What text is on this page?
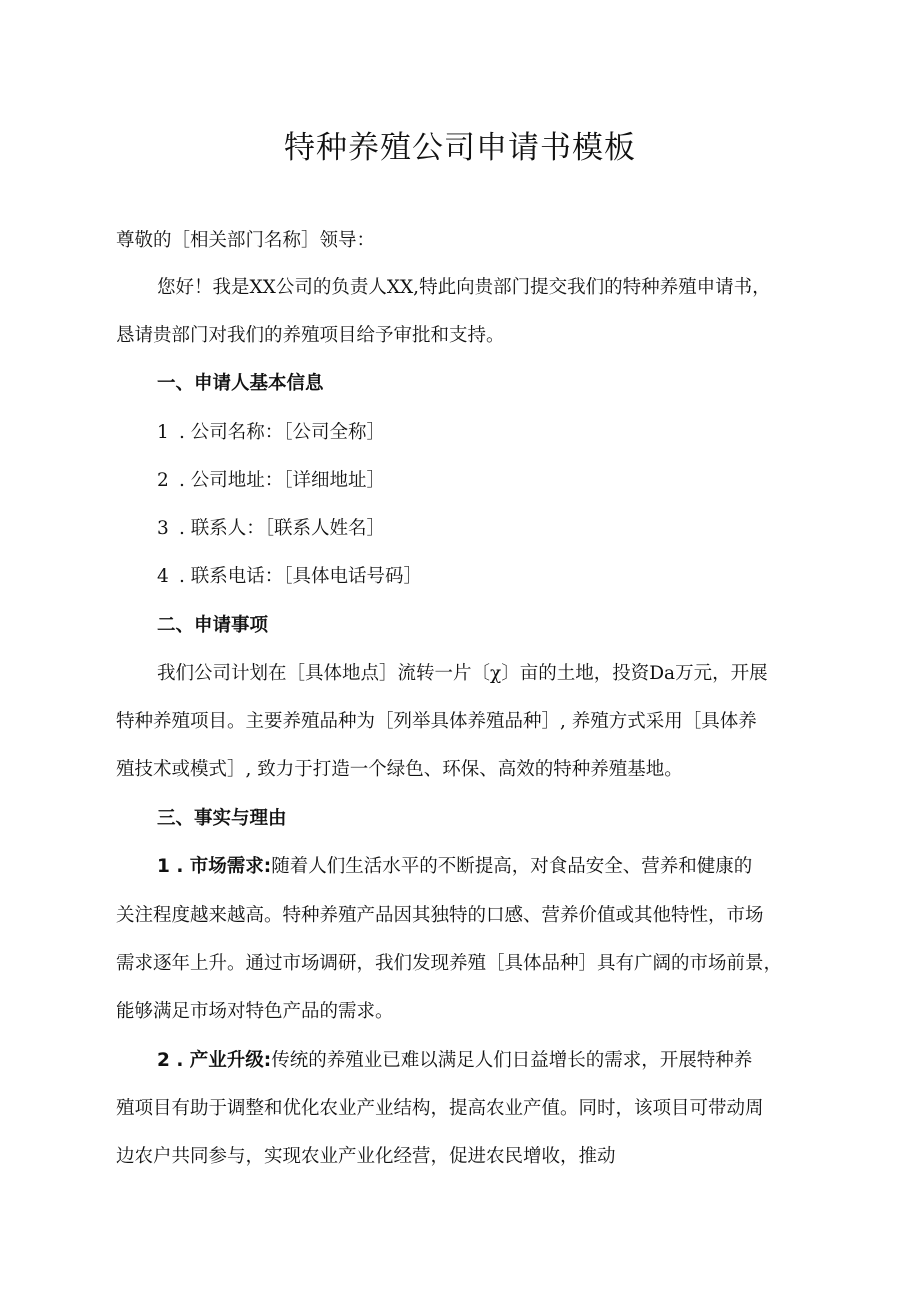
特种养殖公司申请书模板
尊敬的［相关部门名称］领导：
您好！我是XX公司的负责人XX,特此向贵部门提交我们的特种养殖申请书，
恳请贵部门对我们的养殖项目给予审批和支持。
一、申请人基本信息
1 . 公司名称：［公司全称］
2 . 公司地址：［详细地址］
3 . 联系人：［联系人姓名］
4 . 联系电话：［具体电话号码］
二、申请事项
我们公司计划在［具体地点］流转一片〔χ〕亩的土地，投资Da万元，开展
特种养殖项目。主要养殖品种为［列举具体养殖品种］, 养殖方式采用［具体养
殖技术或模式］, 致力于打造一个绿色、环保、高效的特种养殖基地。
三、事实与理由
1 . 市场需求:随着人们生活水平的不断提高，对食品安全、营养和健康的
关注程度越来越高。特种养殖产品因其独特的口感、营养价值或其他特性，市场
需求逐年上升。通过市场调研，我们发现养殖［具体品种］具有广阔的市场前景，
能够满足市场对特色产品的需求。
2 . 产业升级:传统的养殖业已难以满足人们日益增长的需求，开展特种养
殖项目有助于调整和优化农业产业结构，提高农业产值。同时，该项目可带动周
边农户共同参与，实现农业产业化经营，促进农民增收，推动
